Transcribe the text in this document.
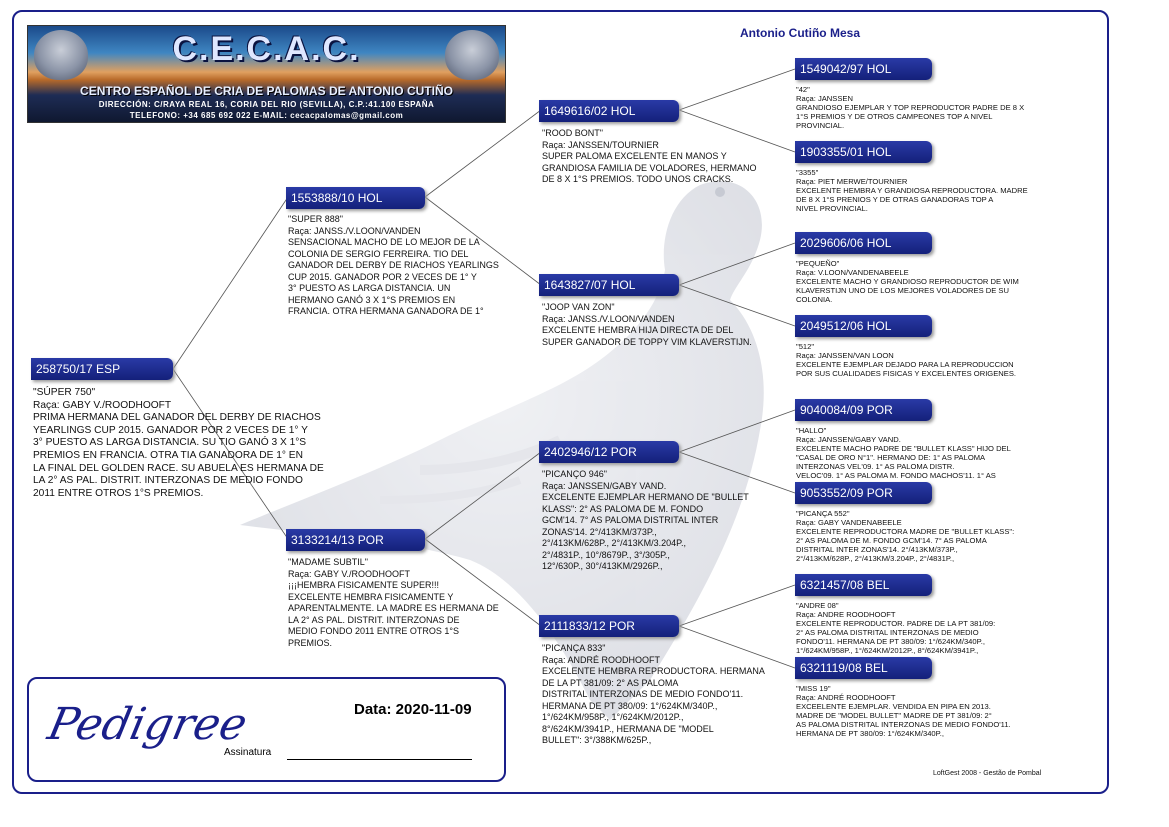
Antonio Cutiño Mesa
C.E.C.A.C.
CENTRO ESPAÑOL DE CRIA DE PALOMAS DE ANTONIO CUTIÑO
DIRECCIÓN: C/RAYA REAL 16, CORIA DEL RIO (SEVILLA), C.P.:41.100 ESPAÑA
TELEFONO: +34 685 692 022 E-MAIL: cecacpalomas@gmail.com
258750/17 ESP

"SÚPER 750"

Raça: GABY V./ROODHOOFT

PRIMA HERMANA DEL GANADOR DEL DERBY DE RIACHOS

YEARLINGS CUP 2015. GANADOR POR 2 VECES DE 1° Y

3° PUESTO AS LARGA DISTANCIA. SU TIO GANÓ 3 X 1°S

PREMIOS EN FRANCIA. OTRA TIA GANADORA DE 1° EN

LA FINAL DEL GOLDEN RACE. SU ABUELA ES HERMANA DE

LA 2° AS PAL. DISTRIT. INTERZONAS DE MEDIO FONDO

2011 ENTRE OTROS 1°S PREMIOS.

1553888/10 HOL

"SUPER 888"

Raça: JANSS./V.LOON/VANDEN

SENSACIONAL MACHO DE LO MEJOR DE LA

COLONIA DE SERGIO FERREIRA. TIO DEL

GANADOR DEL DERBY DE RIACHOS YEARLINGS

CUP 2015. GANADOR POR 2 VECES DE 1° Y

3° PUESTO AS LARGA DISTANCIA. UN

HERMANO GANÓ 3 X 1°S PREMIOS EN

FRANCIA. OTRA HERMANA GANADORA DE 1°

3133214/13 POR

"MADAME SUBTIL"

Raça: GABY V./ROODHOOFT

¡¡¡HEMBRA FISICAMENTE SUPER!!!

EXCELENTE HEMBRA FISICAMENTE Y

APARENTALMENTE. LA MADRE ES HERMANA DE

LA 2° AS PAL. DISTRIT. INTERZONAS DE

MEDIO FONDO 2011 ENTRE OTROS 1°S

PREMIOS.

1649616/02 HOL

"ROOD BONT"

Raça: JANSSEN/TOURNIER

SUPER PALOMA EXCELENTE EN MANOS Y

GRANDIOSA FAMILIA DE VOLADORES, HERMANO

DE 8 X 1°S PREMIOS. TODO UNOS CRACKS.

1643827/07 HOL

"JOOP VAN ZON"

Raça: JANSS./V.LOON/VANDEN

EXCELENTE HEMBRA HIJA DIRECTA DE DEL

SUPER GANADOR DE TOPPY VIM KLAVERSTIJN.

2402946/12 POR

"PICANÇO 946"

Raça: JANSSEN/GABY VAND.

EXCELENTE EJEMPLAR HERMANO DE "BULLET

KLASS": 2° AS PALOMA DE M. FONDO

GCM'14. 7° AS PALOMA DISTRITAL INTER

ZONAS'14. 2°/413KM/373P.,

2°/413KM/628P., 2°/413KM/3.204P.,

2°/4831P., 10°/8679P., 3°/305P.,

12°/630P., 30°/413KM/2926P.,

2111833/12 POR

"PICANÇA 833"

Raça: ANDRÉ ROODHOOFT

EXCELENTE HEMBRA REPRODUCTORA. HERMANA

DE LA PT 381/09: 2° AS PALOMA

DISTRITAL INTERZONAS DE MEDIO FONDO'11.

HERMANA DE PT 380/09: 1°/624KM/340P.,

1°/624KM/958P., 1°/624KM/2012P.,

8°/624KM/3941P., HERMANA DE "MODEL

BULLET": 3°/388KM/625P.,

1549042/97 HOL

"42"

Raça: JANSSEN

GRANDIOSO EJEMPLAR Y TOP REPRODUCTOR PADRE DE 8 X

1°S PREMIOS Y DE OTROS CAMPEONES TOP A NIVEL

PROVINCIAL.

1903355/01 HOL

"3355"

Raça: PIET MERWE/TOURNIER

EXCELENTE HEMBRA Y GRANDIOSA REPRODUCTORA. MADRE

DE 8 X 1°S PRENIOS Y DE OTRAS GANADORAS TOP A

NIVEL PROVINCIAL.

2029606/06 HOL

"PEQUEÑO"

Raça: V.LOON/VANDENABEELE

EXCELENTE MACHO Y GRANDIOSO REPRODUCTOR DE WIM

KLAVERSTIJN UNO DE LOS MEJORES VOLADORES DE SU

COLONIA.

2049512/06 HOL

"512"

Raça: JANSSEN/VAN LOON

EXCELENTE EJEMPLAR DEJADO PARA LA REPRODUCCION

POR SUS CUALIDADES FISICAS Y EXCELENTES ORIGENES.

9040084/09 POR

"HALLO"

Raça: JANSSEN/GABY VAND.

EXCELENTE MACHO PADRE DE "BULLET KLASS" HIJO DEL

"CASAL DE ORO N°1". HERMANO DE: 1° AS PALOMA

INTERZONAS VEL'09. 1° AS PALOMA DISTR.

VELOC'09. 1° AS PALOMA M. FONDO MACHOS'11. 1° AS

9053552/09 POR

"PICANÇA 552"

Raça: GABY VANDENABEELE

EXCELENTE REPRODUCTORA MADRE DE "BULLET KLASS":

2° AS PALOMA DE M. FONDO GCM'14. 7° AS PALOMA

DISTRITAL INTER ZONAS'14. 2°/413KM/373P.,

2°/413KM/628P., 2°/413KM/3.204P., 2°/4831P.,

6321457/08 BEL

"ANDRE 08"

Raça: ANDRE ROODHOOFT

EXCELENTE REPRODUCTOR. PADRE DE LA PT 381/09:

2° AS PALOMA DISTRITAL INTERZONAS DE MEDIO

FONDO'11. HERMANA DE PT 380/09: 1°/624KM/340P.,

1°/624KM/958P., 1°/624KM/2012P., 8°/624KM/3941P.,

6321119/08 BEL

"MISS 19"

Raça: ANDRÉ ROODHOOFT

EXCEELENTE EJEMPLAR. VENDIDA EN PIPA EN 2013.

MADRE DE "MODEL BULLET" MADRE DE PT 381/09: 2°

AS PALOMA DISTRITAL INTERZONAS DE MEDIO FONDO'11.

HERMANA DE PT 380/09: 1°/624KM/340P.,

Pedigree	Data: 2020-11-09
Assinatura
LoftGest 2008 - Gestão de Pombal
